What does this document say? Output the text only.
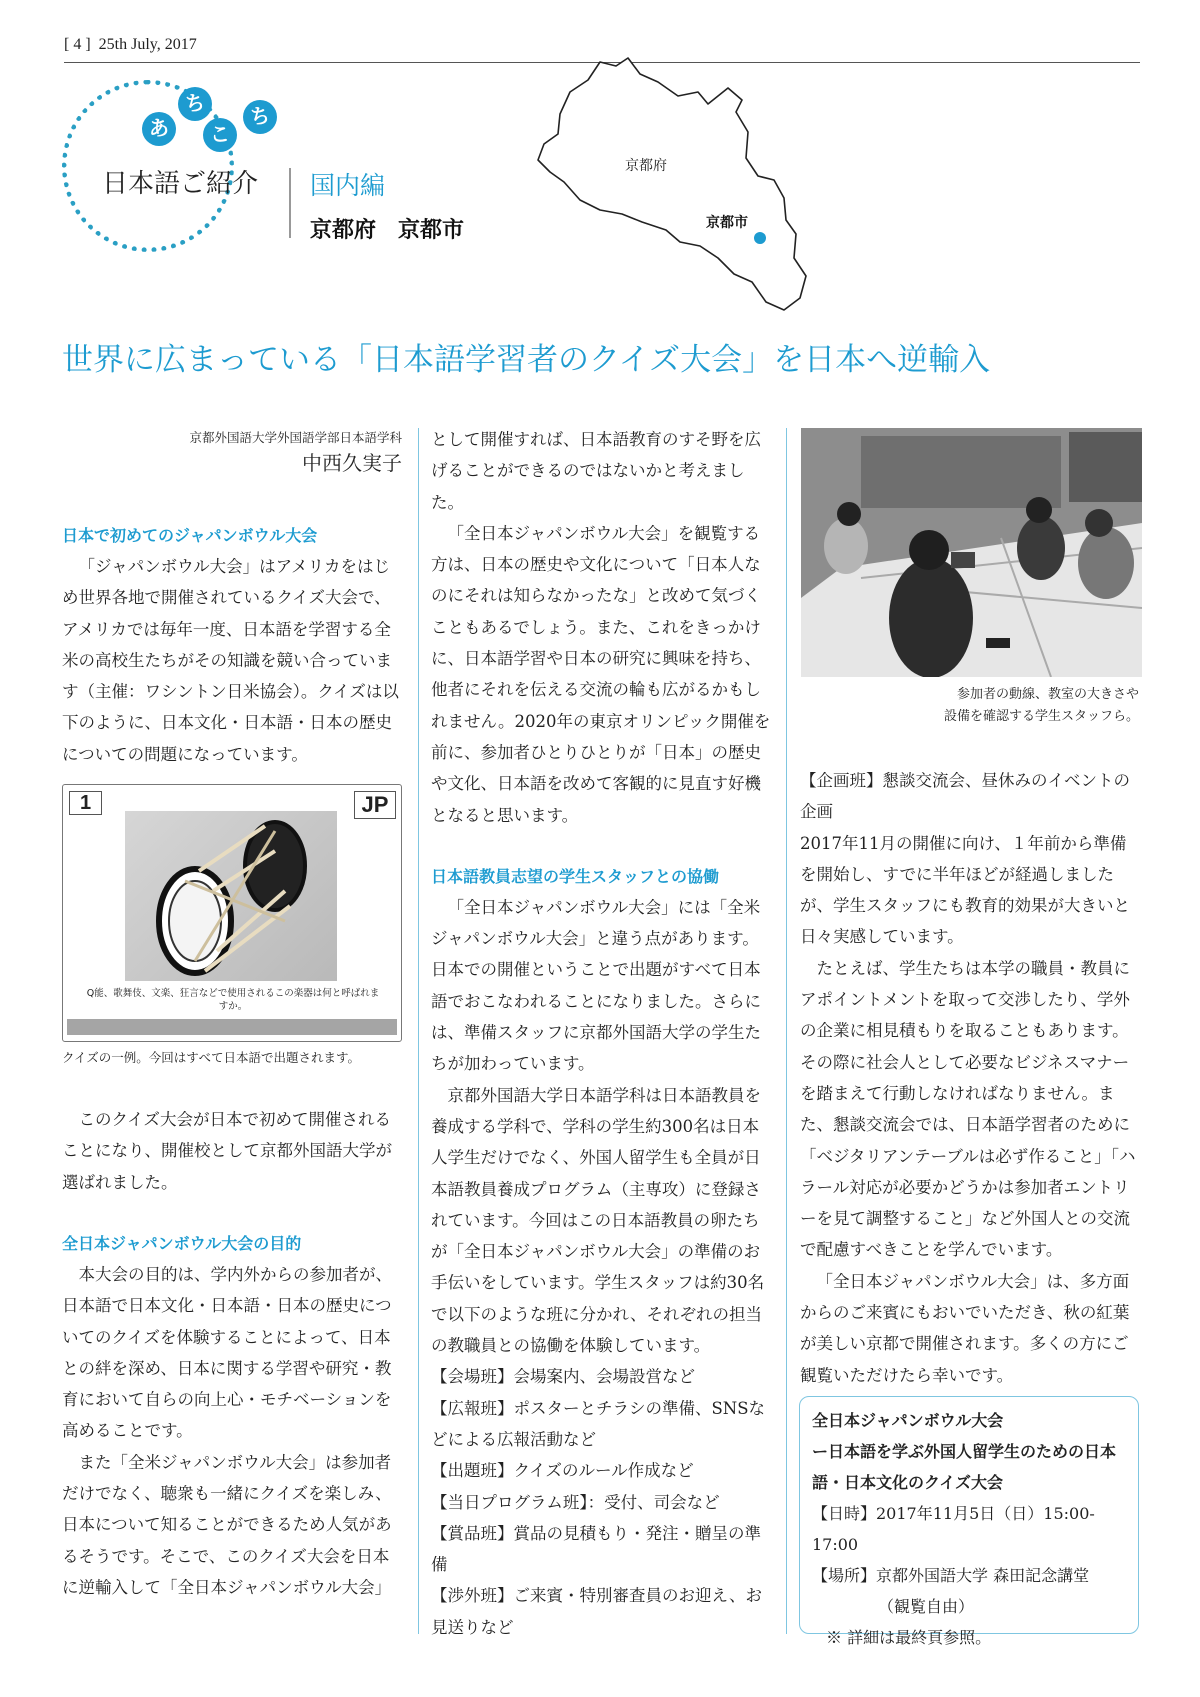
[ 4 ] 25th July, 2017
あ
ち
こ
ち
日本語ご紹介 国内編
京都府　京都市
京都府
京都市
世界に広まっている「日本語学習者のクイズ大会」を日本へ逆輸入
京都外国語大学外国語学部日本語学科
中西久実子
日本で初めてのジャパンボウル大会

「ジャパンボウル大会」はアメリカをはじめ世界各地で開催されているクイズ大会で、アメリカでは毎年一度、日本語を学習する全米の高校生たちがその知識を競い合っています（主催：ワシントン日米協会）。クイズは以下のように、日本文化・日本語・日本の歴史についての問題になっています。

1	JP
Q能、歌舞伎、文楽、狂言などで使用されるこの楽器は何と呼ばれますか。
クイズの一例。今回はすべて日本語で出題されます。

このクイズ大会が日本で初めて開催されることになり、開催校として京都外国語大学が選ばれました。

全日本ジャパンボウル大会の目的

本大会の目的は、学内外からの参加者が、日本語で日本文化・日本語・日本の歴史についてのクイズを体験することによって、日本との絆を深め、日本に関する学習や研究・教育において自らの向上心・モチベーションを高めることです。

また「全米ジャパンボウル大会」は参加者だけでなく、聴衆も一緒にクイズを楽しみ、日本について知ることができるため人気があるそうです。そこで、このクイズ大会を日本に逆輸入して「全日本ジャパンボウル大会」

として開催すれば、日本語教育のすそ野を広げることができるのではないかと考えました。

「全日本ジャパンボウル大会」を観覧する方は、日本の歴史や文化について「日本人なのにそれは知らなかったな」と改めて気づくこともあるでしょう。また、これをきっかけに、日本語学習や日本の研究に興味を持ち、他者にそれを伝える交流の輪も広がるかもしれません。2020年の東京オリンピック開催を前に、参加者ひとりひとりが「日本」の歴史や文化、日本語を改めて客観的に見直す好機となると思います。

日本語教員志望の学生スタッフとの協働

「全日本ジャパンボウル大会」には「全米ジャパンボウル大会」と違う点があります。日本での開催ということで出題がすべて日本語でおこなわれることになりました。さらには、準備スタッフに京都外国語大学の学生たちが加わっています。

京都外国語大学日本語学科は日本語教員を養成する学科で、学科の学生約300名は日本人学生だけでなく、外国人留学生も全員が日本語教員養成プログラム（主専攻）に登録されています。今回はこの日本語教員の卵たちが「全日本ジャパンボウル大会」の準備のお手伝いをしています。学生スタッフは約30名で以下のような班に分かれ、それぞれの担当の教職員との協働を体験しています。

【会場班】会場案内、会場設営など
【広報班】ポスターとチラシの準備、SNSなどによる広報活動など
【出題班】クイズのルール作成など
【当日プログラム班】：受付、司会など
【賞品班】賞品の見積もり・発注・贈呈の準備
【渉外班】ご来賓・特別審査員のお迎え、お見送りなど
参加者の動線、教室の大きさや
設備を確認する学生スタッフら。

【企画班】懇談交流会、昼休みのイベントの企画

2017年11月の開催に向け、１年前から準備を開始し、すでに半年ほどが経過しましたが、学生スタッフにも教育的効果が大きいと日々実感しています。

たとえば、学生たちは本学の職員・教員にアポイントメントを取って交渉したり、学外の企業に相見積もりを取ることもあります。その際に社会人として必要なビジネスマナーを踏まえて行動しなければなりません。また、懇談交流会では、日本語学習者のために「ベジタリアンテーブルは必ず作ること」「ハラール対応が必要かどうかは参加者エントリーを見て調整すること」など外国人との交流で配慮すべきことを学んでいます。

「全日本ジャパンボウル大会」は、多方面からのご来賓にもおいでいただき、秋の紅葉が美しい京都で開催されます。多くの方にご観覧いただけたら幸いです。

全日本ジャパンボウル大会
ー日本語を学ぶ外国人留学生のための日本語・日本文化のクイズ大会
【日時】2017年11月5日（日）15:00-17:00
【場所】京都外国語大学 森田記念講堂
（観覧自由）
※ 詳細は最終頁参照。
